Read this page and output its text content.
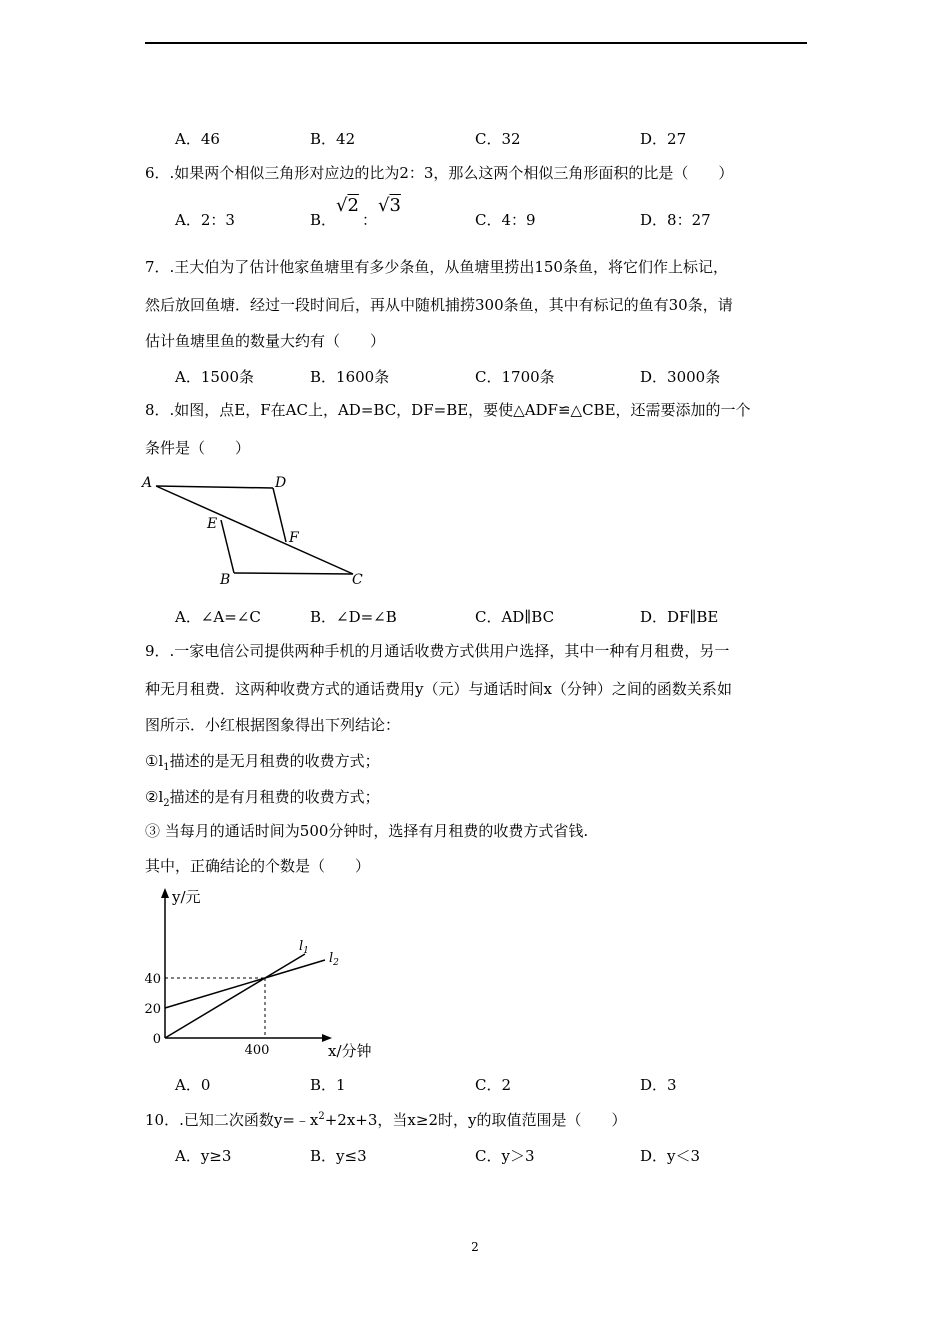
A．46	B．42	C．32	D．27
6．.如果两个相似三角形对应边的比为2：3，那么这两个相似三角形面积的比是（　　）
A．2：3	B．
√2
：
√3
C．4：9	D．8：27
7．.王大伯为了估计他家鱼塘里有多少条鱼，从鱼塘里捞出150条鱼，将它们作上标记，
然后放回鱼塘．经过一段时间后，再从中随机捕捞300条鱼，其中有标记的鱼有30条，请
估计鱼塘里鱼的数量大约有（　　）
A．1500条	B．1600条	C．1700条	D．3000条
8．.如图，点E，F在AC上，AD=BC，DF=BE，要使△ADF≌△CBE，还需要添加的一个
条件是（　　）
A	D
E
F
B	C
A．∠A=∠C	B．∠D=∠B	C．AD∥BC	D．DF∥BE
9．.一家电信公司提供两种手机的月通话收费方式供用户选择，其中一种有月租费，另一
种无月租费．这两种收费方式的通话费用y（元）与通话时间x（分钟）之间的函数关系如
图所示．小红根据图象得出下列结论：
$①l_1$描述的是无月租费的收费方式；
$②l_2$描述的是有月租费的收费方式；
③ 当每月的通话时间为500分钟时，选择有月租费的收费方式省钱.
其中，正确结论的个数是（　　）
0
20
40
400
y/元
x/分钟
$l_1$ $l_2$
A．0	B．1	C．2	D．3
10．.已知二次函数$y=﹣x^2+2x+3$，当x≥2时，y的取值范围是（　　）
A．y≥3	B．y≤3	C．y＞3	D．y＜3
2
